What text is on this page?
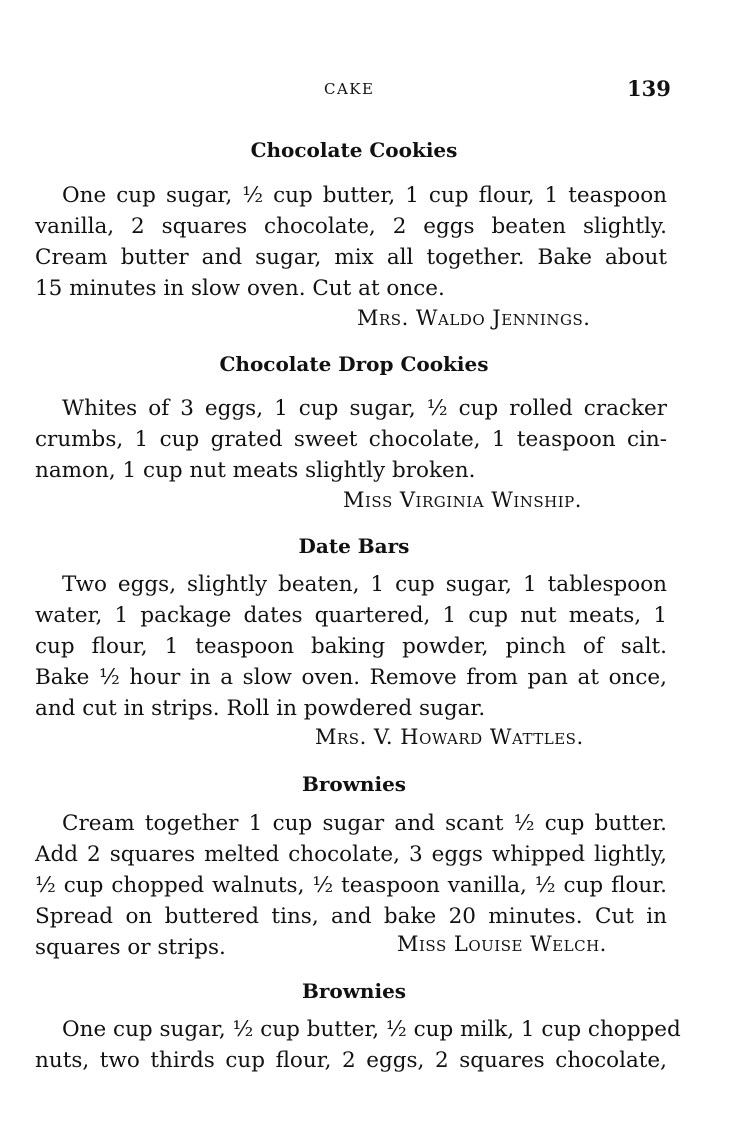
CAKE	139
Chocolate Cookies
One cup sugar, ½ cup butter, 1 cup flour, 1 teaspoon
vanilla, 2 squares chocolate, 2 eggs beaten slightly.
Cream butter and sugar, mix all together. Bake about
15 minutes in slow oven. Cut at once.
Mrs. Waldo Jennings.
Chocolate Drop Cookies
Whites of 3 eggs, 1 cup sugar, ½ cup rolled cracker
crumbs, 1 cup grated sweet chocolate, 1 teaspoon cin-
namon, 1 cup nut meats slightly broken.
Miss Virginia Winship.
Date Bars
Two eggs, slightly beaten, 1 cup sugar, 1 tablespoon
water, 1 package dates quartered, 1 cup nut meats, 1
cup flour, 1 teaspoon baking powder, pinch of salt.
Bake ½ hour in a slow oven. Remove from pan at once,
and cut in strips. Roll in powdered sugar.
Mrs. V. Howard Wattles.
Brownies
Cream together 1 cup sugar and scant ½ cup butter.
Add 2 squares melted chocolate, 3 eggs whipped lightly,
½ cup chopped walnuts, ½ teaspoon vanilla, ½ cup flour.
Spread on buttered tins, and bake 20 minutes. Cut in
squares or strips.	Miss Louise Welch.
Brownies
One cup sugar, ½ cup butter, ½ cup milk, 1 cup chopped
nuts, two thirds cup flour, 2 eggs, 2 squares chocolate,
